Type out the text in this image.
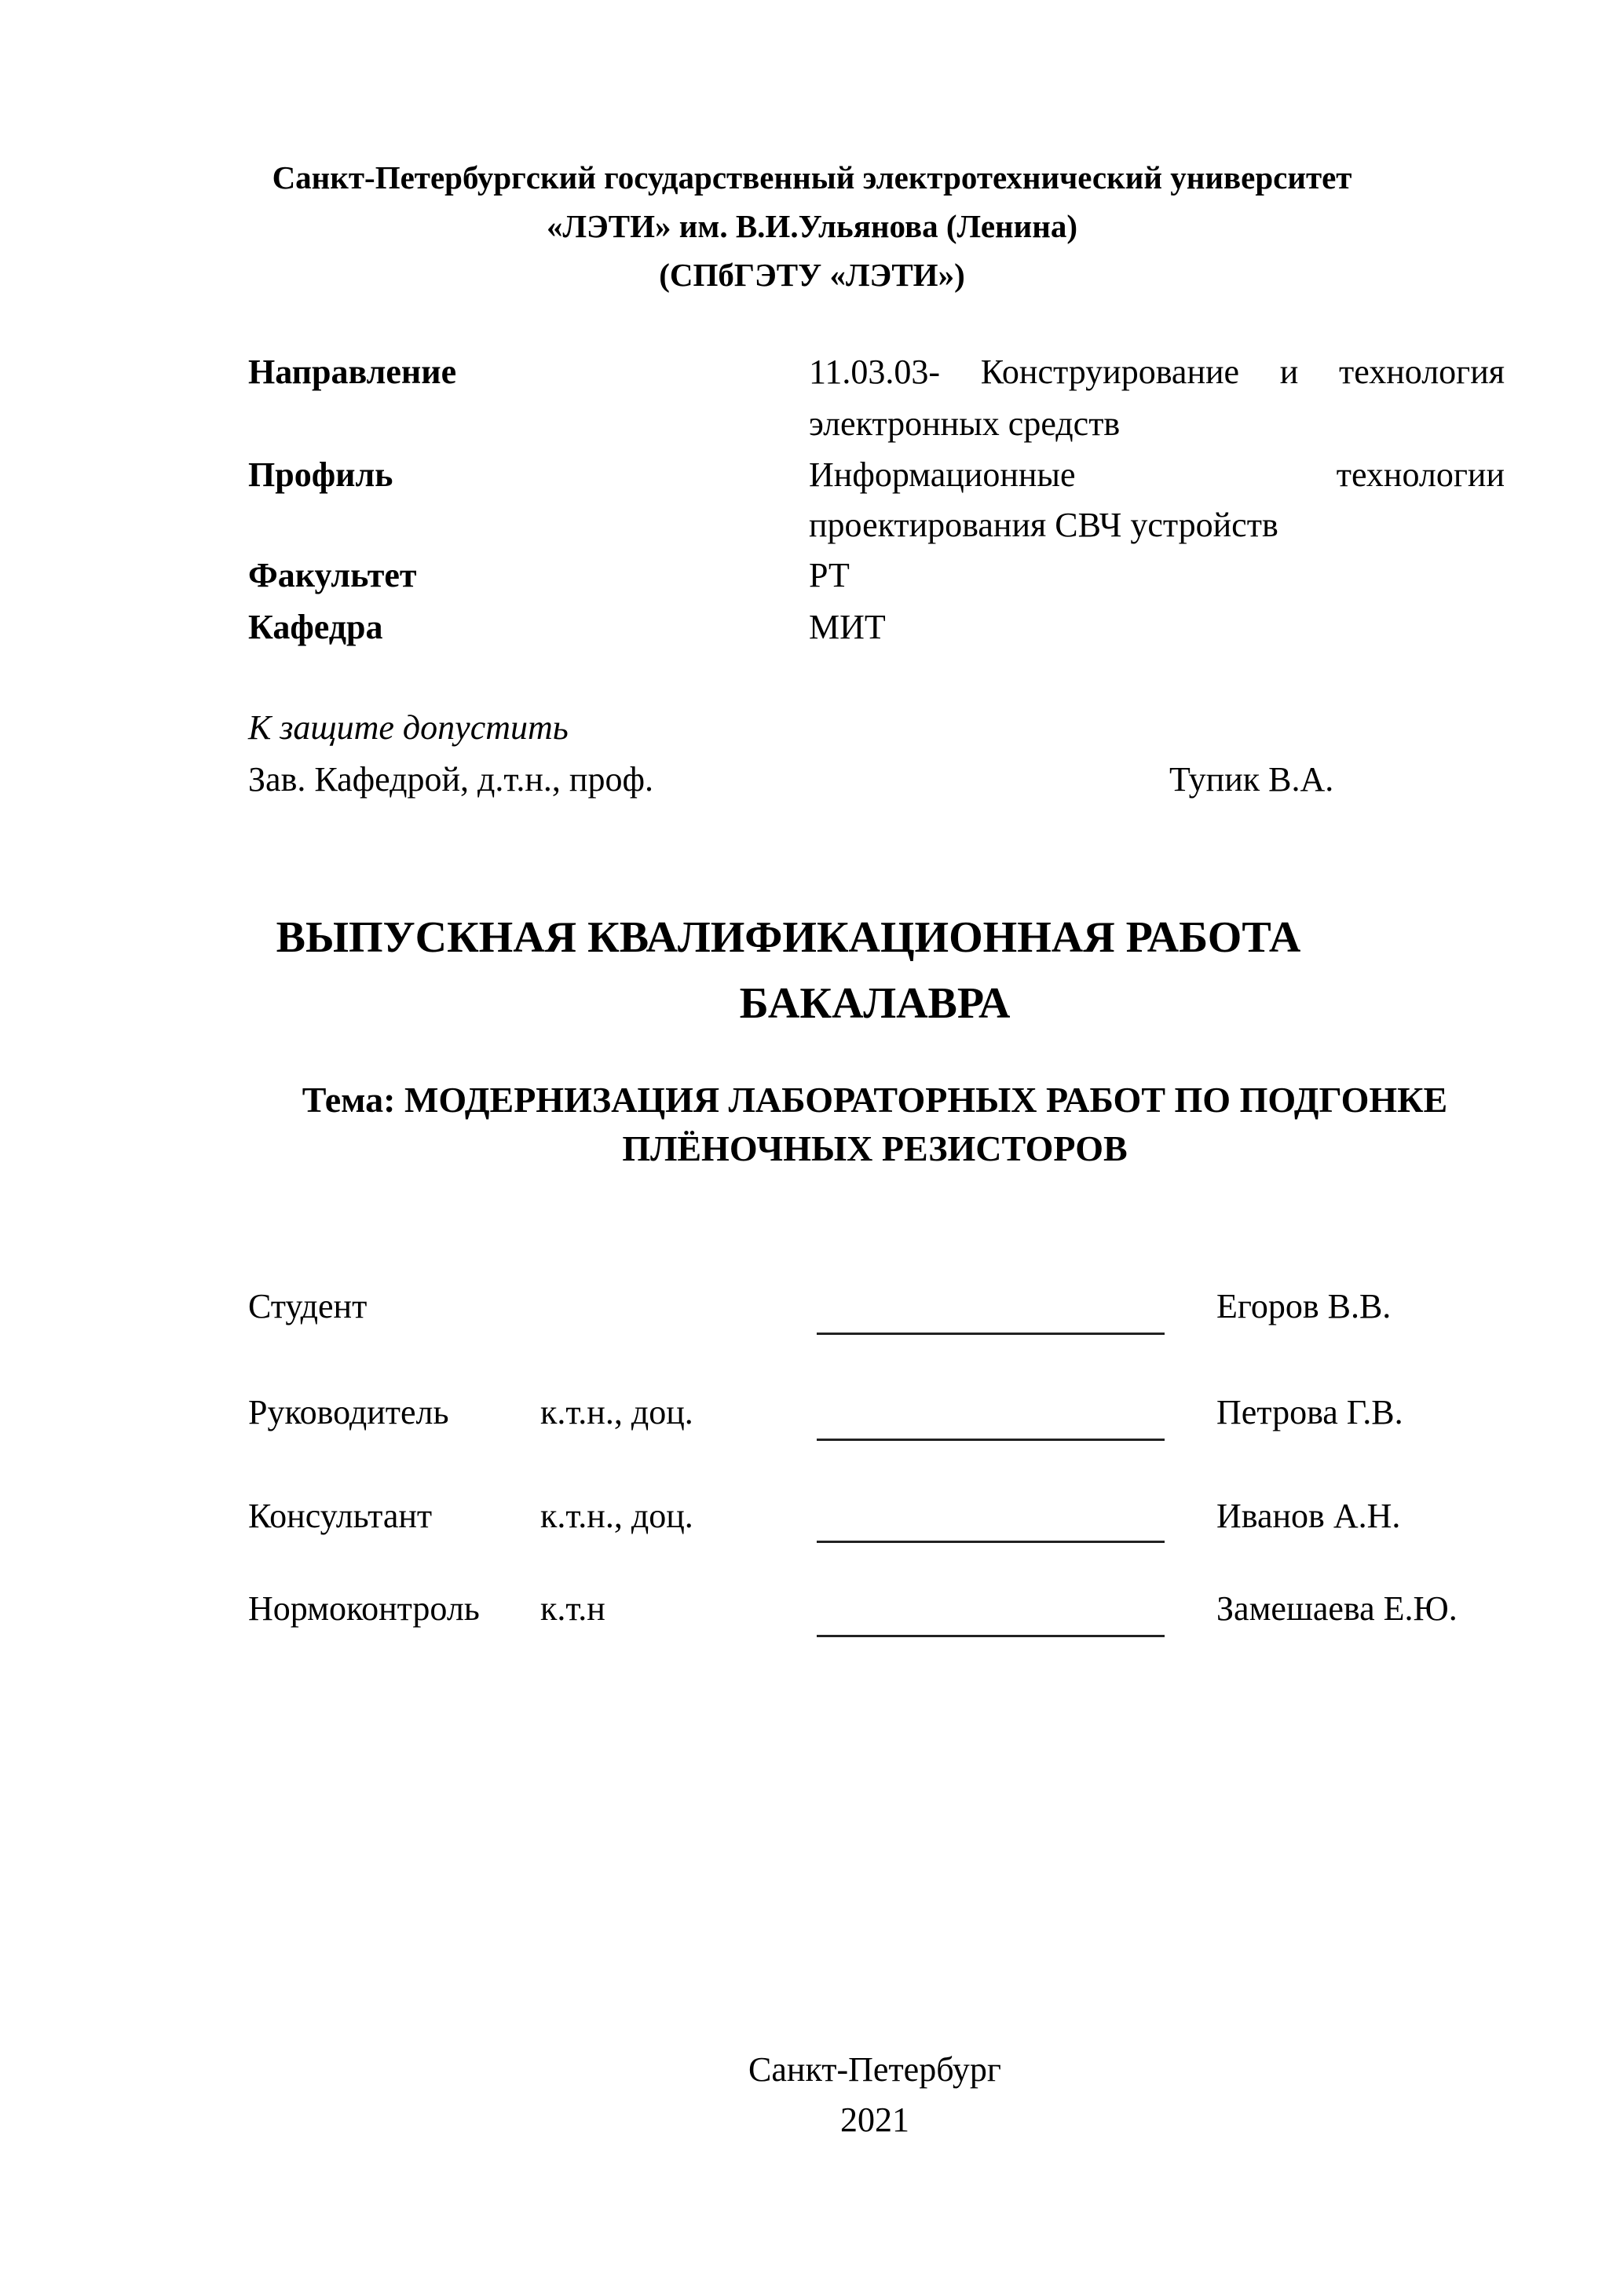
Санкт-Петербургский государственный электротехнический университет
«ЛЭТИ» им. В.И.Ульянова (Ленина)
(СПбГЭТУ «ЛЭТИ»)
Направление	11.03.03- Конструирование и технология
электронных средств
Профиль	Информационные	технологии
проектирования СВЧ устройств
Факультет	РТ
Кафедра	МИТ
К защите допустить
Зав. Кафедрой, д.т.н., проф.	Тупик В.А.
ВЫПУСКНАЯ КВАЛИФИКАЦИОННАЯ РАБОТА
БАКАЛАВРА
Тема: МОДЕРНИЗАЦИЯ ЛАБОРАТОРНЫХ РАБОТ ПО ПОДГОНКЕ
ПЛЁНОЧНЫХ РЕЗИСТОРОВ
Студент	Егоров В.В.
Руководитель	к.т.н., доц.	Петрова Г.В.
Консультант	к.т.н., доц.	Иванов А.Н.
Нормоконтроль к.т.н	Замешаева Е.Ю.
Санкт-Петербург
2021
